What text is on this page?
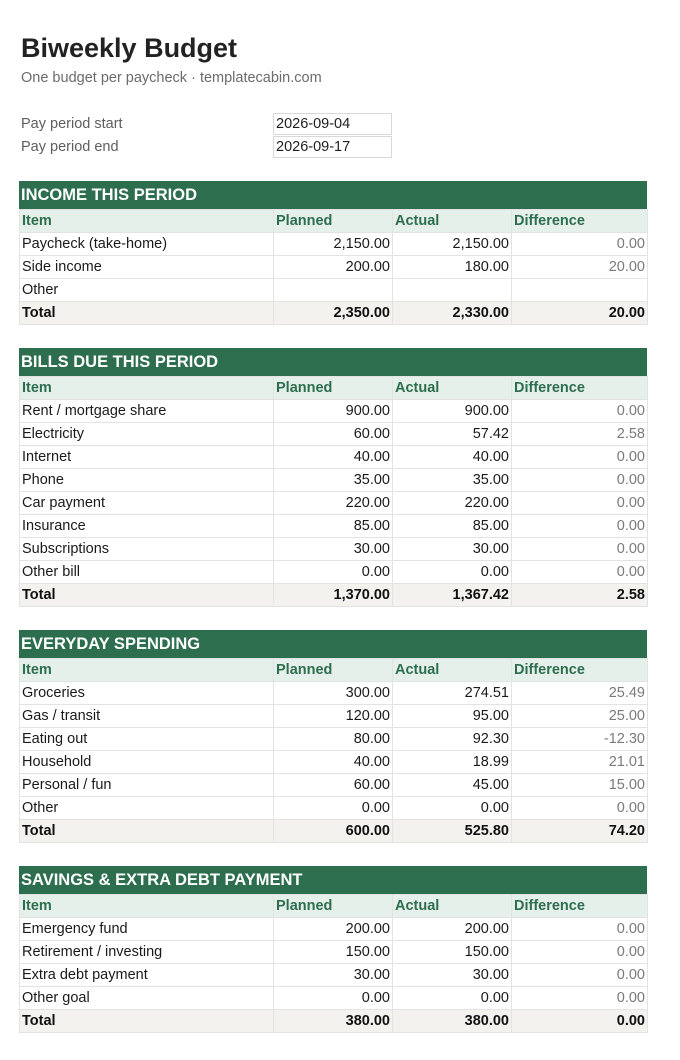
Biweekly Budget
One budget per paycheck · templatecabin.com
Pay period start	2026-09-04
Pay period end	2026-09-17
INCOME THIS PERIOD
Item	Planned	Actual	Difference
Paycheck (take-home)	2,150.00	2,150.00	0.00
Side income	200.00	180.00	20.00
Other			
Total	2,350.00	2,330.00	20.00
BILLS DUE THIS PERIOD
Item	Planned	Actual	Difference
Rent / mortgage share	900.00	900.00	0.00
Electricity	60.00	57.42	2.58
Internet	40.00	40.00	0.00
Phone	35.00	35.00	0.00
Car payment	220.00	220.00	0.00
Insurance	85.00	85.00	0.00
Subscriptions	30.00	30.00	0.00
Other bill	0.00	0.00	0.00
Total	1,370.00	1,367.42	2.58
EVERYDAY SPENDING
Item	Planned	Actual	Difference
Groceries	300.00	274.51	25.49
Gas / transit	120.00	95.00	25.00
Eating out	80.00	92.30	-12.30
Household	40.00	18.99	21.01
Personal / fun	60.00	45.00	15.00
Other	0.00	0.00	0.00
Total	600.00	525.80	74.20
SAVINGS & EXTRA DEBT PAYMENT
Item	Planned	Actual	Difference
Emergency fund	200.00	200.00	0.00
Retirement / investing	150.00	150.00	0.00
Extra debt payment	30.00	30.00	0.00
Other goal	0.00	0.00	0.00
Total	380.00	380.00	0.00
